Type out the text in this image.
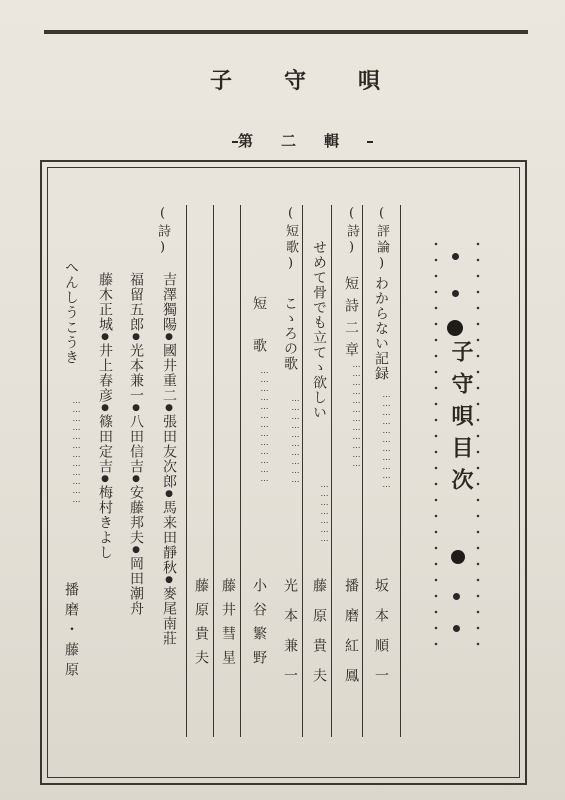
子守唄
第二輯
子守唄目次
(評論)
わからない記録
……………………………
坂本順一
(詩)
短詩二章
………………………………
播磨紅鳳
せめて骨でも立てゝ欲しい
…………………
藤原貴夫
(短歌)
こゝろの歌
…………………………
光本兼一
短歌
…………………………………
小谷繁野
藤井彗星
藤原貴夫
(詩)
吉澤獨陽●國井重二●張田友次郎●馬来田靜秋●麥尾南莊
福留五郎●光本兼一●八田信吉●安藤邦夫●岡田潮舟
藤木正城●井上春彦●篠田定吉●梅村きよし
へんしうこうき
………………………………
播磨・藤原
